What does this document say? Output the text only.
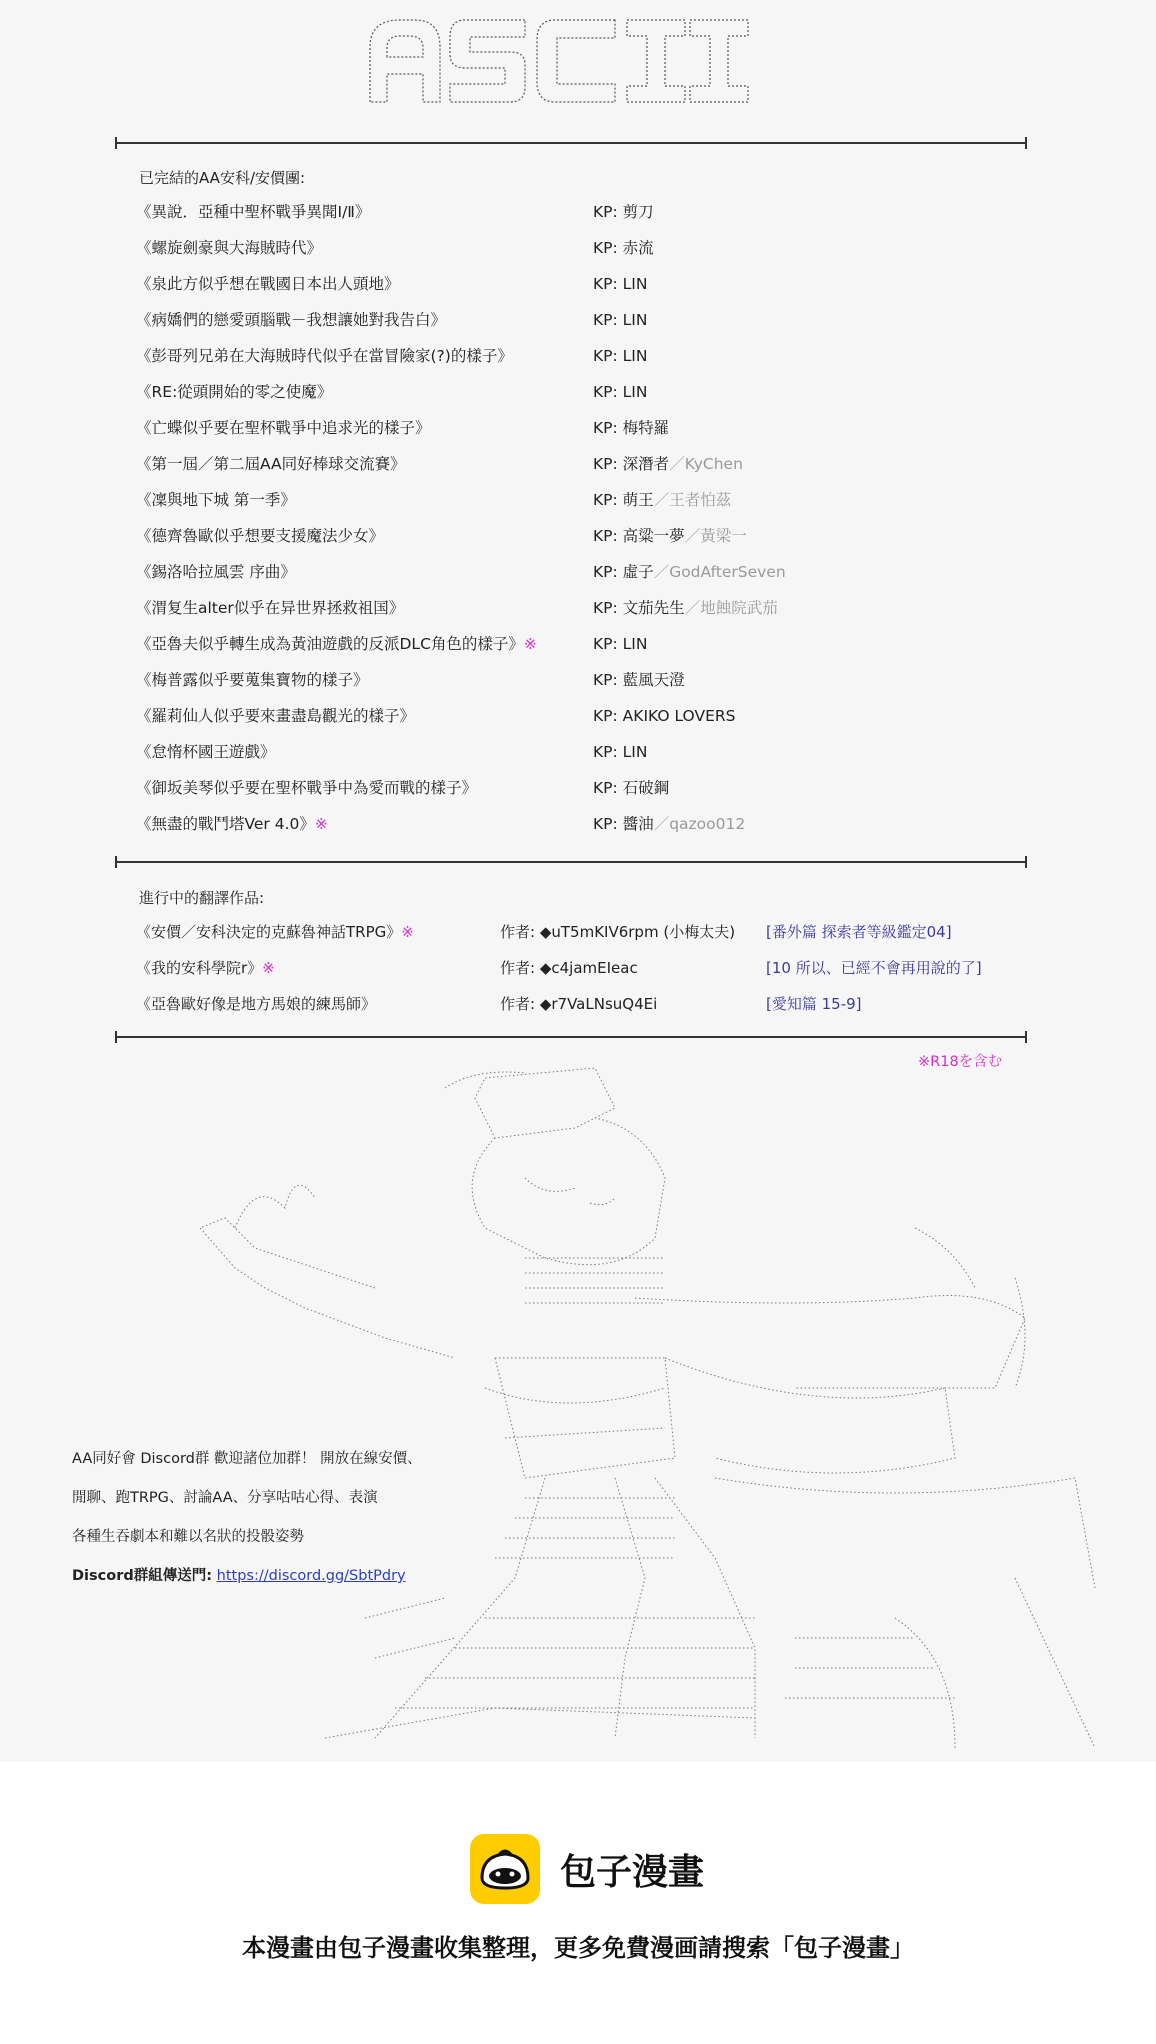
已完結的AA安科/安價團:
《異說．亞種中聖杯戰爭異聞Ⅰ/Ⅱ》	KP: 剪刀
《螺旋劍豪與大海賊時代》	KP: 赤流
《泉此方似乎想在戰國日本出人頭地》	KP: LIN
《病嬌們的戀愛頭腦戰－我想讓她對我告白》	KP: LIN
《彭哥列兄弟在大海賊時代似乎在當冒險家(?)的樣子》	KP: LIN
《RE:從頭開始的零之使魔》	KP: LIN
《亡蝶似乎要在聖杯戰爭中追求光的樣子》	KP: 梅特羅
《第一屆／第二屆AA同好棒球交流賽》	KP: 深潛者／KyChen
《凜與地下城 第一季》	KP: 萌王／王者怕茲
《德齊魯歐似乎想要支援魔法少女》	KP: 高粱一夢／黃梁一
《錫洛哈拉風雲 序曲》	KP: 虛子／GodAfterSeven
《渭复生alter似乎在异世界拯救祖国》	KP: 文茄先生／地蝕院武茄
《亞魯夫似乎轉生成為黃油遊戲的反派DLC角色的樣子》※	KP: LIN
《梅普露似乎要蒐集寶物的樣子》	KP: 藍風天澄
《羅莉仙人似乎要來畫盡島觀光的樣子》	KP: AKIKO LOVERS
《怠惰杯國王遊戲》	KP: LIN
《御坂美琴似乎要在聖杯戰爭中為愛而戰的樣子》	KP: 石破鋼
《無盡的戰鬥塔Ver 4.0》※	KP: 醬油／qazoo012
進行中的翻譯作品:
《安價／安科決定的克蘇魯神話TRPG》※	作者: ◆uT5mKIV6rpm (小梅太夫) [番外篇 探索者等級鑑定04]
《我的安科學院r》※	作者: ◆c4jamEIeac	[10 所以、已經不會再用說的了]
《亞魯歐好像是地方馬娘的練馬師》	作者: ◆r7VaLNsuQ4Ei	[愛知篇 15-9]
※R18を含む
AA同好會 Discord群 歡迎諸位加群！ 開放在線安價、
閒聊、跑TRPG、討論AA、分享咕咕心得、表演
各種生吞劇本和難以名狀的投骰姿勢
Discord群組傳送門: https://discord.gg/SbtPdry
包子漫畫
本漫畫由包子漫畫收集整理，更多免費漫画請搜索「包子漫畫」
